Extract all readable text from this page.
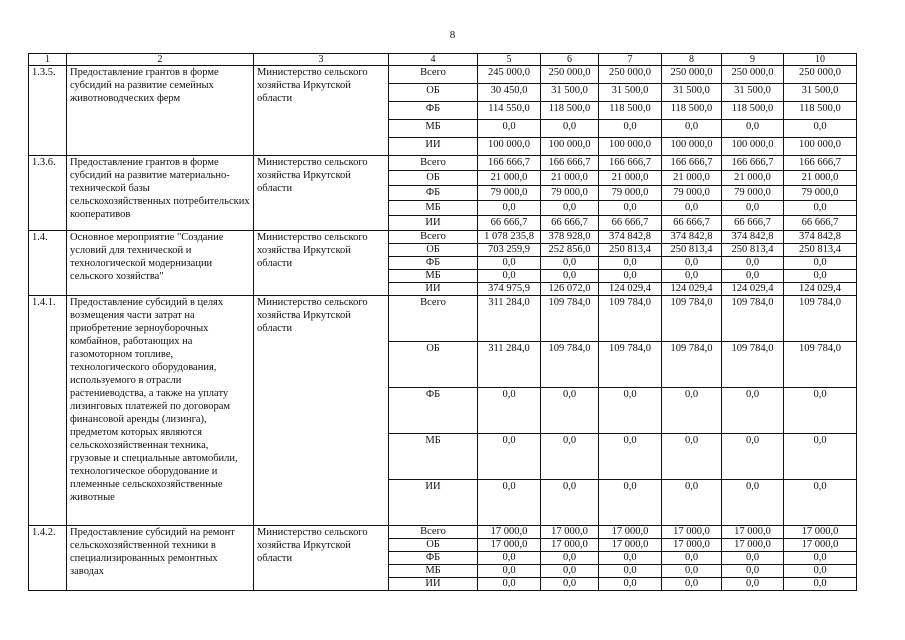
8
1	2	3	4	5	6	7	8	9	10
1.3.5.	Предоставление грантов в форме субсидий на развитие семейных животноводческих ферм	Министерство сельского хозяйства Иркутской области	Всего	245 000,0	250 000,0	250 000,0	250 000,0	250 000,0	250 000,0
			ОБ	30 450,0	31 500,0	31 500,0	31 500,0	31 500,0	31 500,0
			ФБ	114 550,0	118 500,0	118 500,0	118 500,0	118 500,0	118 500,0
			МБ	0,0	0,0	0,0	0,0	0,0	0,0
			ИИ	100 000,0	100 000,0	100 000,0	100 000,0	100 000,0	100 000,0
1.3.6.	Предоставление грантов в форме субсидий на развитие материально-технической базы сельскохозяйственных потребительских кооперативов	Министерство сельского хозяйства Иркутской области	Всего	166 666,7	166 666,7	166 666,7	166 666,7	166 666,7	166 666,7
			ОБ	21 000,0	21 000,0	21 000,0	21 000,0	21 000,0	21 000,0
			ФБ	79 000,0	79 000,0	79 000,0	79 000,0	79 000,0	79 000,0
			МБ	0,0	0,0	0,0	0,0	0,0	0,0
			ИИ	66 666,7	66 666,7	66 666,7	66 666,7	66 666,7	66 666,7
1.4.	Основное мероприятие "Создание условий для технической и технологической модернизации сельского хозяйства"	Министерство сельского хозяйства Иркутской области	Всего	1 078 235,8	378 928,0	374 842,8	374 842,8	374 842,8	374 842,8
			ОБ	703 259,9	252 856,0	250 813,4	250 813,4	250 813,4	250 813,4
			ФБ	0,0	0,0	0,0	0,0	0,0	0,0
			МБ	0,0	0,0	0,0	0,0	0,0	0,0
			ИИ	374 975,9	126 072,0	124 029,4	124 029,4	124 029,4	124 029,4
1.4.1.	Предоставление субсидий в целях возмещения части затрат на приобретение зерноуборочных комбайнов, работающих на газомоторном топливе, технологического оборудования, используемого в отрасли растениеводства, а также на уплату лизинговых платежей по договорам финансовой аренды (лизинга), предметом которых являются сельскохозяйственная техника, грузовые и специальные автомобили, технологическое оборудование и племенные сельскохозяйственные животные	Министерство сельского хозяйства Иркутской области	Всего	311 284,0	109 784,0	109 784,0	109 784,0	109 784,0	109 784,0
			ОБ	311 284,0	109 784,0	109 784,0	109 784,0	109 784,0	109 784,0
			ФБ	0,0	0,0	0,0	0,0	0,0	0,0
			МБ	0,0	0,0	0,0	0,0	0,0	0,0
			ИИ	0,0	0,0	0,0	0,0	0,0	0,0
1.4.2.	Предоставление субсидий на ремонт сельскохозяйственной техники в специализированных ремонтных заводах	Министерство сельского хозяйства Иркутской области	Всего	17 000,0	17 000,0	17 000,0	17 000,0	17 000,0	17 000,0
			ОБ	17 000,0	17 000,0	17 000,0	17 000,0	17 000,0	17 000,0
			ФБ	0,0	0,0	0,0	0,0	0,0	0,0
			МБ	0,0	0,0	0,0	0,0	0,0	0,0
			ИИ	0,0	0,0	0,0	0,0	0,0	0,0
